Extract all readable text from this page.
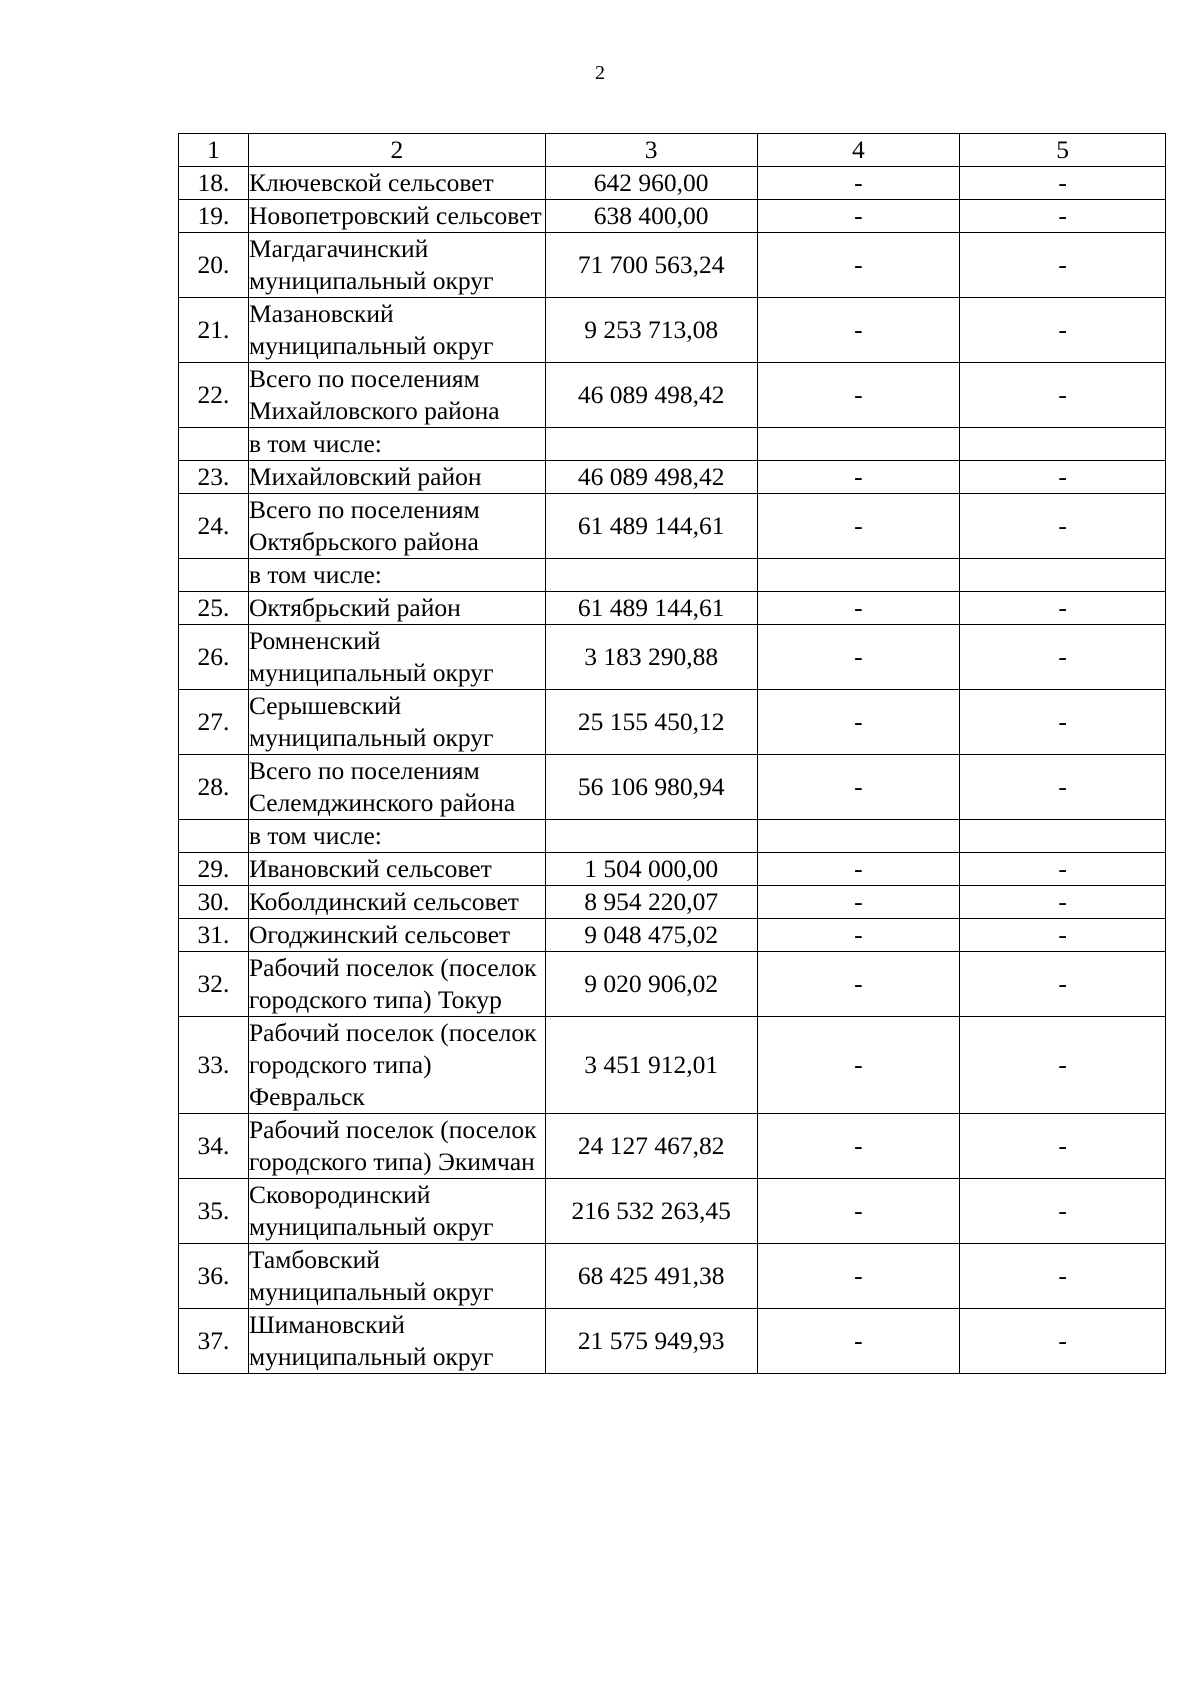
2
1	2	3	4	5
18.	Ключевской сельсовет	642 960,00	-	-
19.	Новопетровский сельсовет	638 400,00	-	-
20.	Магдагачинский муниципальный округ	71 700 563,24	-	-
21.	Мазановский муниципальный округ	9 253 713,08	-	-
22.	Всего по поселениям Михайловского района	46 089 498,42	-	-
	в том числе:			
23.	Михайловский район	46 089 498,42	-	-
24.	Всего по поселениям Октябрьского района	61 489 144,61	-	-
	в том числе:			
25.	Октябрьский район	61 489 144,61	-	-
26.	Ромненский муниципальный округ	3 183 290,88	-	-
27.	Серышевский муниципальный округ	25 155 450,12	-	-
28.	Всего по поселениям Селемджинского района	56 106 980,94	-	-
	в том числе:			
29.	Ивановский сельсовет	1 504 000,00	-	-
30.	Коболдинский сельсовет	8 954 220,07	-	-
31.	Огоджинский сельсовет	9 048 475,02	-	-
32.	Рабочий поселок (поселок городского типа) Токур	9 020 906,02	-	-
33.	Рабочий поселок (поселок городского типа) Февральск	3 451 912,01	-	-
34.	Рабочий поселок (поселок городского типа) Экимчан	24 127 467,82	-	-
35.	Сковородинский муниципальный округ	216 532 263,45	-	-
36.	Тамбовский муниципальный округ	68 425 491,38	-	-
37.	Шимановский муниципальный округ	21 575 949,93	-	-
